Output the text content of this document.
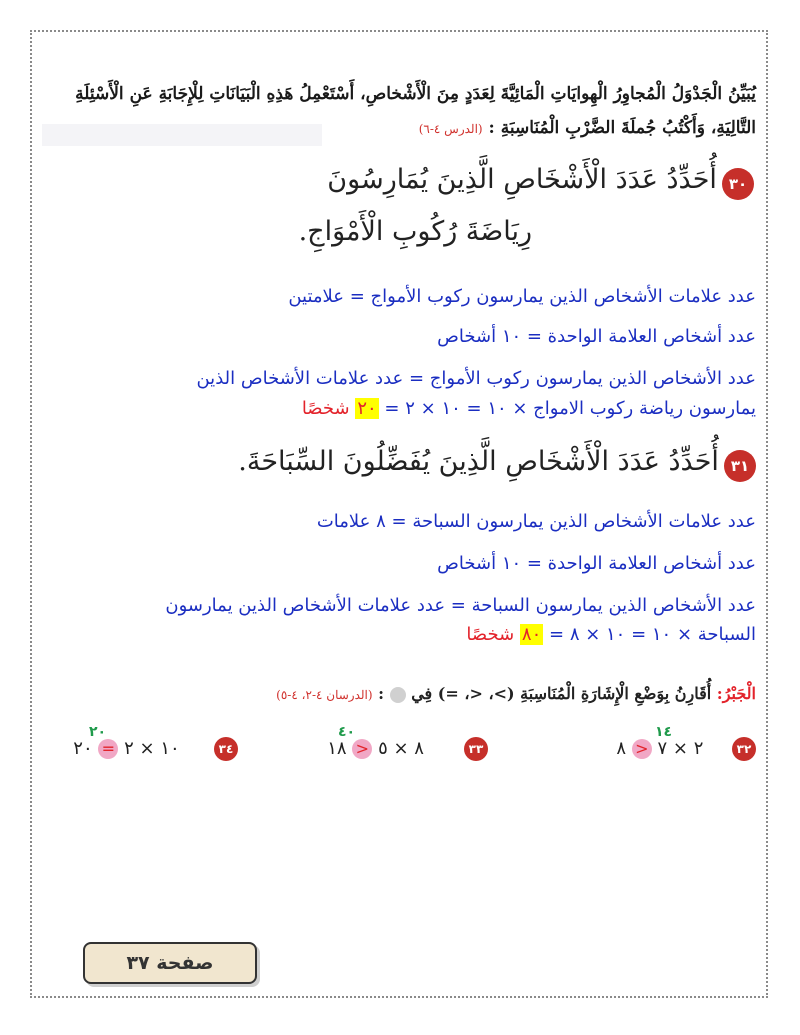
يُبَيِّنُ الْجَدْوَلُ الْمُجاوِرُ الْهِوايَاتِ الْمَائِيَّةَ لِعَدَدٍ مِنَ الْأَشْخاصِ، أَسْتَعْمِلُ هَذِهِ الْبَيَانَاتِ لِلْإِجَابَةِ عَنِ الْأَسْئِلَةِ
التَّالِيَةِ، وَأَكْتُبُ جُملَةَ الضَّرْبِ الْمُنَاسِبَةِ : (الدرس ٤-٦)
٣٠ أُحَدِّدُ عَدَدَ الْأَشْخَاصِ الَّذِينَ يُمَارِسُونَ
رِيَاضَةَ رُكُوبِ الْأَمْوَاجِ.
عدد علامات الأشخاص الذين يمارسون ركوب الأمواج = علامتين
عدد أشخاص العلامة الواحدة = ١٠ أشخاص
عدد الأشخاص الذين يمارسون ركوب الأمواج = عدد علامات الأشخاص الذين
يمارسون رياضة ركوب الامواج × ١٠ = ١٠ × ٢ = ٢٠ شخصًا
٣١ أُحَدِّدُ عَدَدَ الْأَشْخَاصِ الَّذِينَ يُفَضِّلُونَ السِّبَاحَةَ.
عدد علامات الأشخاص الذين يمارسون السباحة = ٨ علامات
عدد أشخاص العلامة الواحدة = ١٠ أشخاص
عدد الأشخاص الذين يمارسون السباحة = عدد علامات الأشخاص الذين يمارسون
السباحة × ١٠ = ١٠ × ٨ = ٨٠ شخصًا
الْجَبْرُ: أُقَارِنُ بِوَضْعِ الْإِشَارَةِ الْمُنَاسِبَةِ (>، <، =) فِي  : (الدرسان ٤-٢، ٤-٥)
٣٢     ٢ × ٧ < ٨
١٤
٣٣       ٨ × ٥ < ١٨
٤٠
٣٤      ١٠ × ٢ = ٢٠
٢٠
صفحة ٣٧
